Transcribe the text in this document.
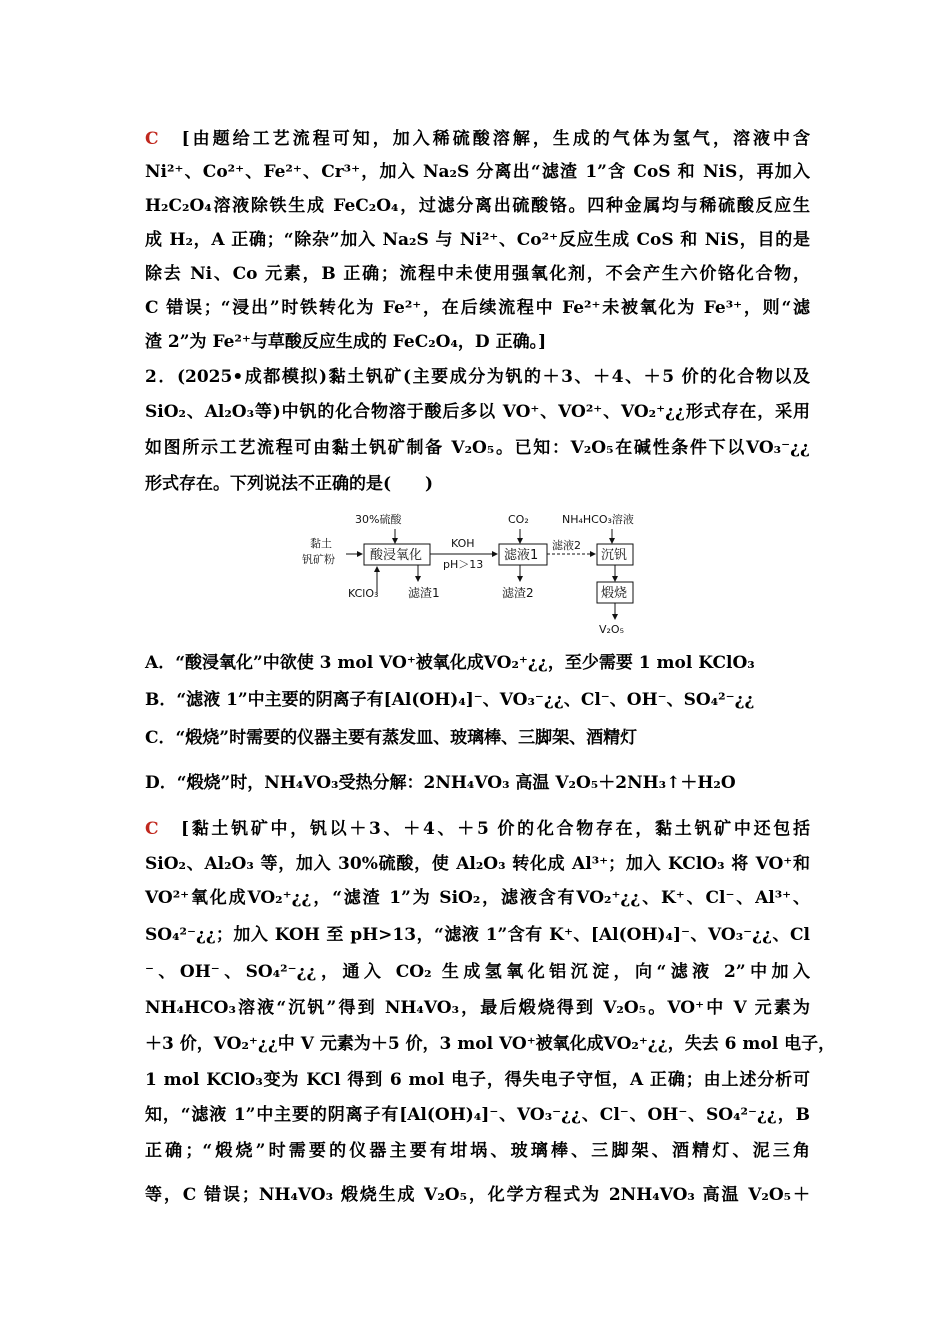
C　 [由题给工艺流程可知，加入稀硫酸溶解，生成的气体为氢气，溶液中含
Ni²⁺、Co²⁺、Fe²⁺、Cr³⁺，加入 Na₂S 分离出“滤渣 1”含 CoS 和 NiS，再加入
H₂C₂O₄溶液除铁生成 FeC₂O₄，过滤分离出硫酸铬。四种金属均与稀硫酸反应生
成 H₂，A 正确；“除杂”加入 Na₂S 与 Ni²⁺、Co²⁺反应生成 CoS 和 NiS，目的是
除去 Ni、Co 元素，B 正确；流程中未使用强氧化剂，不会产生六价铬化合物，
C 错误；“浸出”时铁转化为 Fe²⁺，在后续流程中 Fe²⁺未被氧化为 Fe³⁺，则“滤
渣 2”为 Fe²⁺与草酸反应生成的 FeC₂O₄，D 正确。]
2．(2025•成都模拟)黏土钒矿(主要成分为钒的＋3、＋4、＋5 价的化合物以及
SiO₂、Al₂O₃等)中钒的化合物溶于酸后多以 VO⁺、VO²⁺、VO₂⁺¿¿形式存在，采用
如图所示工艺流程可由黏土钒矿制备 V₂O₅。已知：V₂O₅在碱性条件下以VO₃⁻¿¿
形式存在。下列说法不正确的是(　　)
黏土
钒矿粉
30%硫酸
酸浸氧化
KClO₃ 滤渣1
KOH
pH＞13
CO₂
滤液1
滤渣2
滤液2
NH₄HCO₃溶液
沉钒
煅烧
V₂O₅
A．“酸浸氧化”中欲使 3 mol VO⁺被氧化成VO₂⁺¿¿，至少需要 1 mol KClO₃
B．“滤液 1”中主要的阴离子有[Al(OH)₄]⁻、VO₃⁻¿¿、Cl⁻、OH⁻、SO₄²⁻¿¿
C．“煅烧”时需要的仪器主要有蒸发皿、玻璃棒、三脚架、酒精灯
D．“煅烧”时，NH₄VO₃受热分解：2NH₄VO₃ 高温 V₂O₅＋2NH₃↑＋H₂O
C　 [黏土钒矿中，钒以＋3、＋4、＋5 价的化合物存在，黏土钒矿中还包括
SiO₂、Al₂O₃ 等，加入 30%硫酸，使 Al₂O₃ 转化成 Al³⁺；加入 KClO₃ 将 VO⁺和
VO²⁺氧化成VO₂⁺¿¿，“滤渣 1”为 SiO₂，滤液含有VO₂⁺¿¿、K⁺、Cl⁻、Al³⁺、
SO₄²⁻¿¿；加入 KOH 至 pH>13，“滤液 1”含有 K⁺、[Al(OH)₄]⁻、VO₃⁻¿¿、Cl
⁻、OH⁻、SO₄²⁻¿¿，通入 CO₂ 生成氢氧化铝沉淀，向“滤液 2”中加入
NH₄HCO₃溶液“沉钒”得到 NH₄VO₃，最后煅烧得到 V₂O₅。VO⁺中 V 元素为
＋3 价，VO₂⁺¿¿中 V 元素为＋5 价，3 mol VO⁺被氧化成VO₂⁺¿¿，失去 6 mol 电子，
1 mol KClO₃变为 KCl 得到 6 mol 电子，得失电子守恒，A 正确；由上述分析可
知，“滤液 1”中主要的阴离子有[Al(OH)₄]⁻、VO₃⁻¿¿、Cl⁻、OH⁻、SO₄²⁻¿¿，B
正确；“煅烧”时需要的仪器主要有坩埚、玻璃棒、三脚架、酒精灯、泥三角
等，C 错误；NH₄VO₃ 煅烧生成 V₂O₅，化学方程式为 2NH₄VO₃ 高温 V₂O₅＋
